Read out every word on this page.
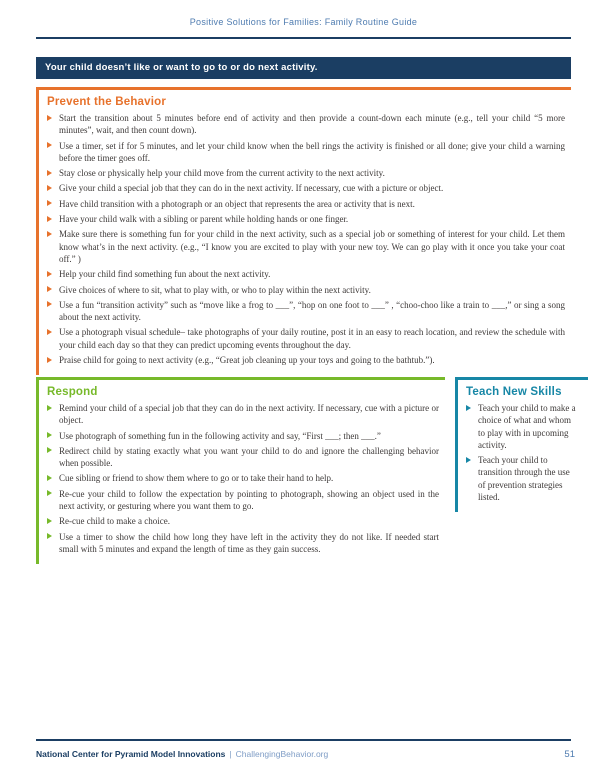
Positive Solutions for Families: Family Routine Guide
Your child doesn’t like or want to go to or do next activity.
Prevent the Behavior
Start the transition about 5 minutes before end of activity and then provide a count-down each minute (e.g., tell your child “5 more minutes”, wait, and then count down).
Use a timer, set if for 5 minutes, and let your child know when the bell rings the activity is finished or all done; give your child a warning before the timer goes off.
Stay close or physically help your child move from the current activity to the next activity.
Give your child a special job that they can do in the next activity. If necessary, cue with a picture or object.
Have child transition with a photograph or an object that represents the area or activity that is next.
Have your child walk with a sibling or parent while holding hands or one finger.
Make sure there is something fun for your child in the next activity, such as a special job or something of interest for your child. Let them know what’s in the next activity. (e.g., “I know you are excited to play with your new toy. We can go play with it once you take your coat off.” )
Help your child find something fun about the next activity.
Give choices of where to sit, what to play with, or who to play within the next activity.
Use a fun “transition activity” such as “move like a frog to ___”, “hop on one foot to ___” , “choo-choo like a train to ___,” or sing a song about the next activity.
Use a photograph visual schedule– take photographs of your daily routine, post it in an easy to reach location, and review the schedule with your child each day so that they can predict upcoming events throughout the day.
Praise child for going to next activity (e.g., “Great job cleaning up your toys and going to the bathtub.”).
Respond
Remind your child of a special job that they can do in the next activity. If necessary, cue with a picture or object.
Use photograph of something fun in the following activity and say, “First ___; then ___.”
Redirect child by stating exactly what you want your child to do and ignore the challenging behavior when possible.
Cue sibling or friend to show them where to go or to take their hand to help.
Re-cue your child to follow the expectation by pointing to photograph, showing an object used in the next activity, or gesturing where you want them to go.
Re-cue child to make a choice.
Use a timer to show the child how long they have left in the activity they do not like. If needed start small with 5 minutes and expand the length of time as they gain success.
Teach New Skills
Teach your child to make a choice of what and whom to play with in upcoming activity.
Teach your child to transition through the use of prevention strategies listed.
National Center for Pyramid Model Innovations | ChallengingBehavior.org	51
